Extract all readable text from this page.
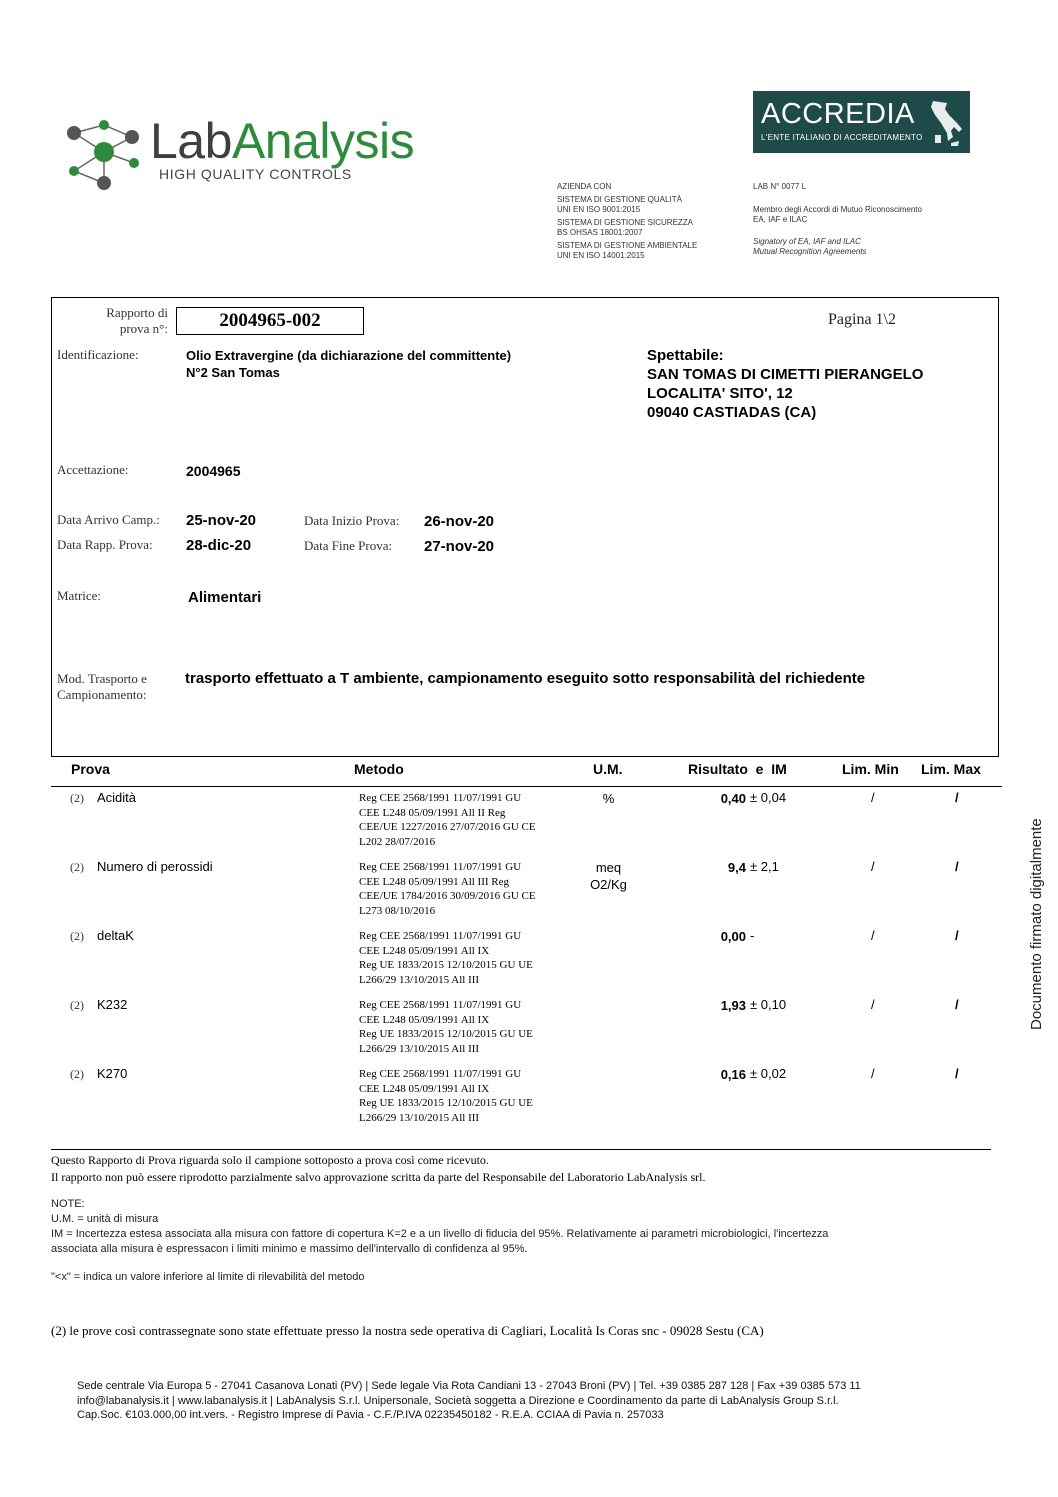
LabAnalysis
HIGH QUALITY CONTROLS
ACCREDIA
L'ENTE ITALIANO DI ACCREDITAMENTO
AZIENDA CON
SISTEMA DI GESTIONE QUALITÀ
UNI EN ISO 9001:2015
SISTEMA DI GESTIONE SICUREZZA
BS OHSAS 18001:2007
SISTEMA DI GESTIONE AMBIENTALE
UNI EN ISO 14001:2015
LAB N° 0077 L
Membro degli Accordi di Mutuo Riconoscimento
EA, IAF e ILAC
Signatory of EA, IAF and ILAC
Mutual Recognition Agreements
Rapporto di
prova n°:	2004965-002	Pagina 1\2
Identificazione:	Olio Extravergine (da dichiarazione del committente)
N°2 San Tomas
Spettabile:
SAN TOMAS DI CIMETTI PIERANGELO
LOCALITA' SITO', 12
09040 CASTIADAS (CA)
Accettazione:	2004965
Data Arrivo Camp.: 25-nov-20	Data Inizio Prova: 26-nov-20
Data Rapp. Prova: 28-dic-20	Data Fine Prova: 27-nov-20
Matrice:	Alimentari
Mod. Trasporto e
Campionamento:
trasporto effettuato a T ambiente, campionamento eseguito sotto responsabilità del richiedente
Prova	Metodo	U.M.	Risultato  e  IM	Lim. Min Lim. Max
(2) Acidità	Reg CEE 2568/1991 11/07/1991 GU
CEE L248 05/09/1991 All II Reg
CEE/UE 1227/2016 27/07/2016 GU CE
L202 28/07/2016
%	0,40 ± 0,04	/	/
(2) Numero di perossidi	Reg CEE 2568/1991 11/07/1991 GU
CEE L248 05/09/1991 All III Reg
CEE/UE 1784/2016 30/09/2016 GU CE
L273 08/10/2016
meq
O2/Kg
9,4 ± 2,1	/	/
(2) deltaK	Reg CEE 2568/1991 11/07/1991 GU
CEE L248 05/09/1991 All IX
Reg UE 1833/2015 12/10/2015 GU UE
L266/29 13/10/2015 All III
0,00 -	/	/
(2) K232	Reg CEE 2568/1991 11/07/1991 GU
CEE L248 05/09/1991 All IX
Reg UE 1833/2015 12/10/2015 GU UE
L266/29 13/10/2015 All III
1,93 ± 0,10	/	/
(2) K270	Reg CEE 2568/1991 11/07/1991 GU
CEE L248 05/09/1991 All IX
Reg UE 1833/2015 12/10/2015 GU UE
L266/29 13/10/2015 All III
0,16 ± 0,02	/	/
Questo Rapporto di Prova riguarda solo il campione sottoposto a prova così come ricevuto.
Il rapporto non può essere riprodotto parzialmente salvo approvazione scritta da parte del Responsabile del Laboratorio LabAnalysis srl.
NOTE:
U.M. = unità di misura
IM = Incertezza estesa associata alla misura con fattore di copertura K=2 e a un livello di fiducia del 95%. Relativamente ai parametri microbiologici, l'incertezza
associata alla misura è espressacon i limiti minimo e massimo dell'intervallo di confidenza al 95%.
"<x" = indica un valore inferiore al limite di rilevabilità del metodo
(2) le prove così contrassegnate sono state effettuate presso la nostra sede operativa di Cagliari, Località Is Coras snc - 09028 Sestu (CA)
Sede centrale Via Europa 5 - 27041 Casanova Lonati (PV) | Sede legale Via Rota Candiani 13 - 27043 Broni (PV) | Tel. +39 0385 287 128 | Fax +39 0385 573 11
info@labanalysis.it | www.labanalysis.it | LabAnalysis S.r.l. Unipersonale, Società soggetta a Direzione e Coordinamento da parte di LabAnalysis Group S.r.l.
Cap.Soc. €103.000,00 int.vers. - Registro Imprese di Pavia - C.F./P.IVA 02235450182 - R.E.A. CCIAA di Pavia n. 257033
Documento firmato digitalmente
